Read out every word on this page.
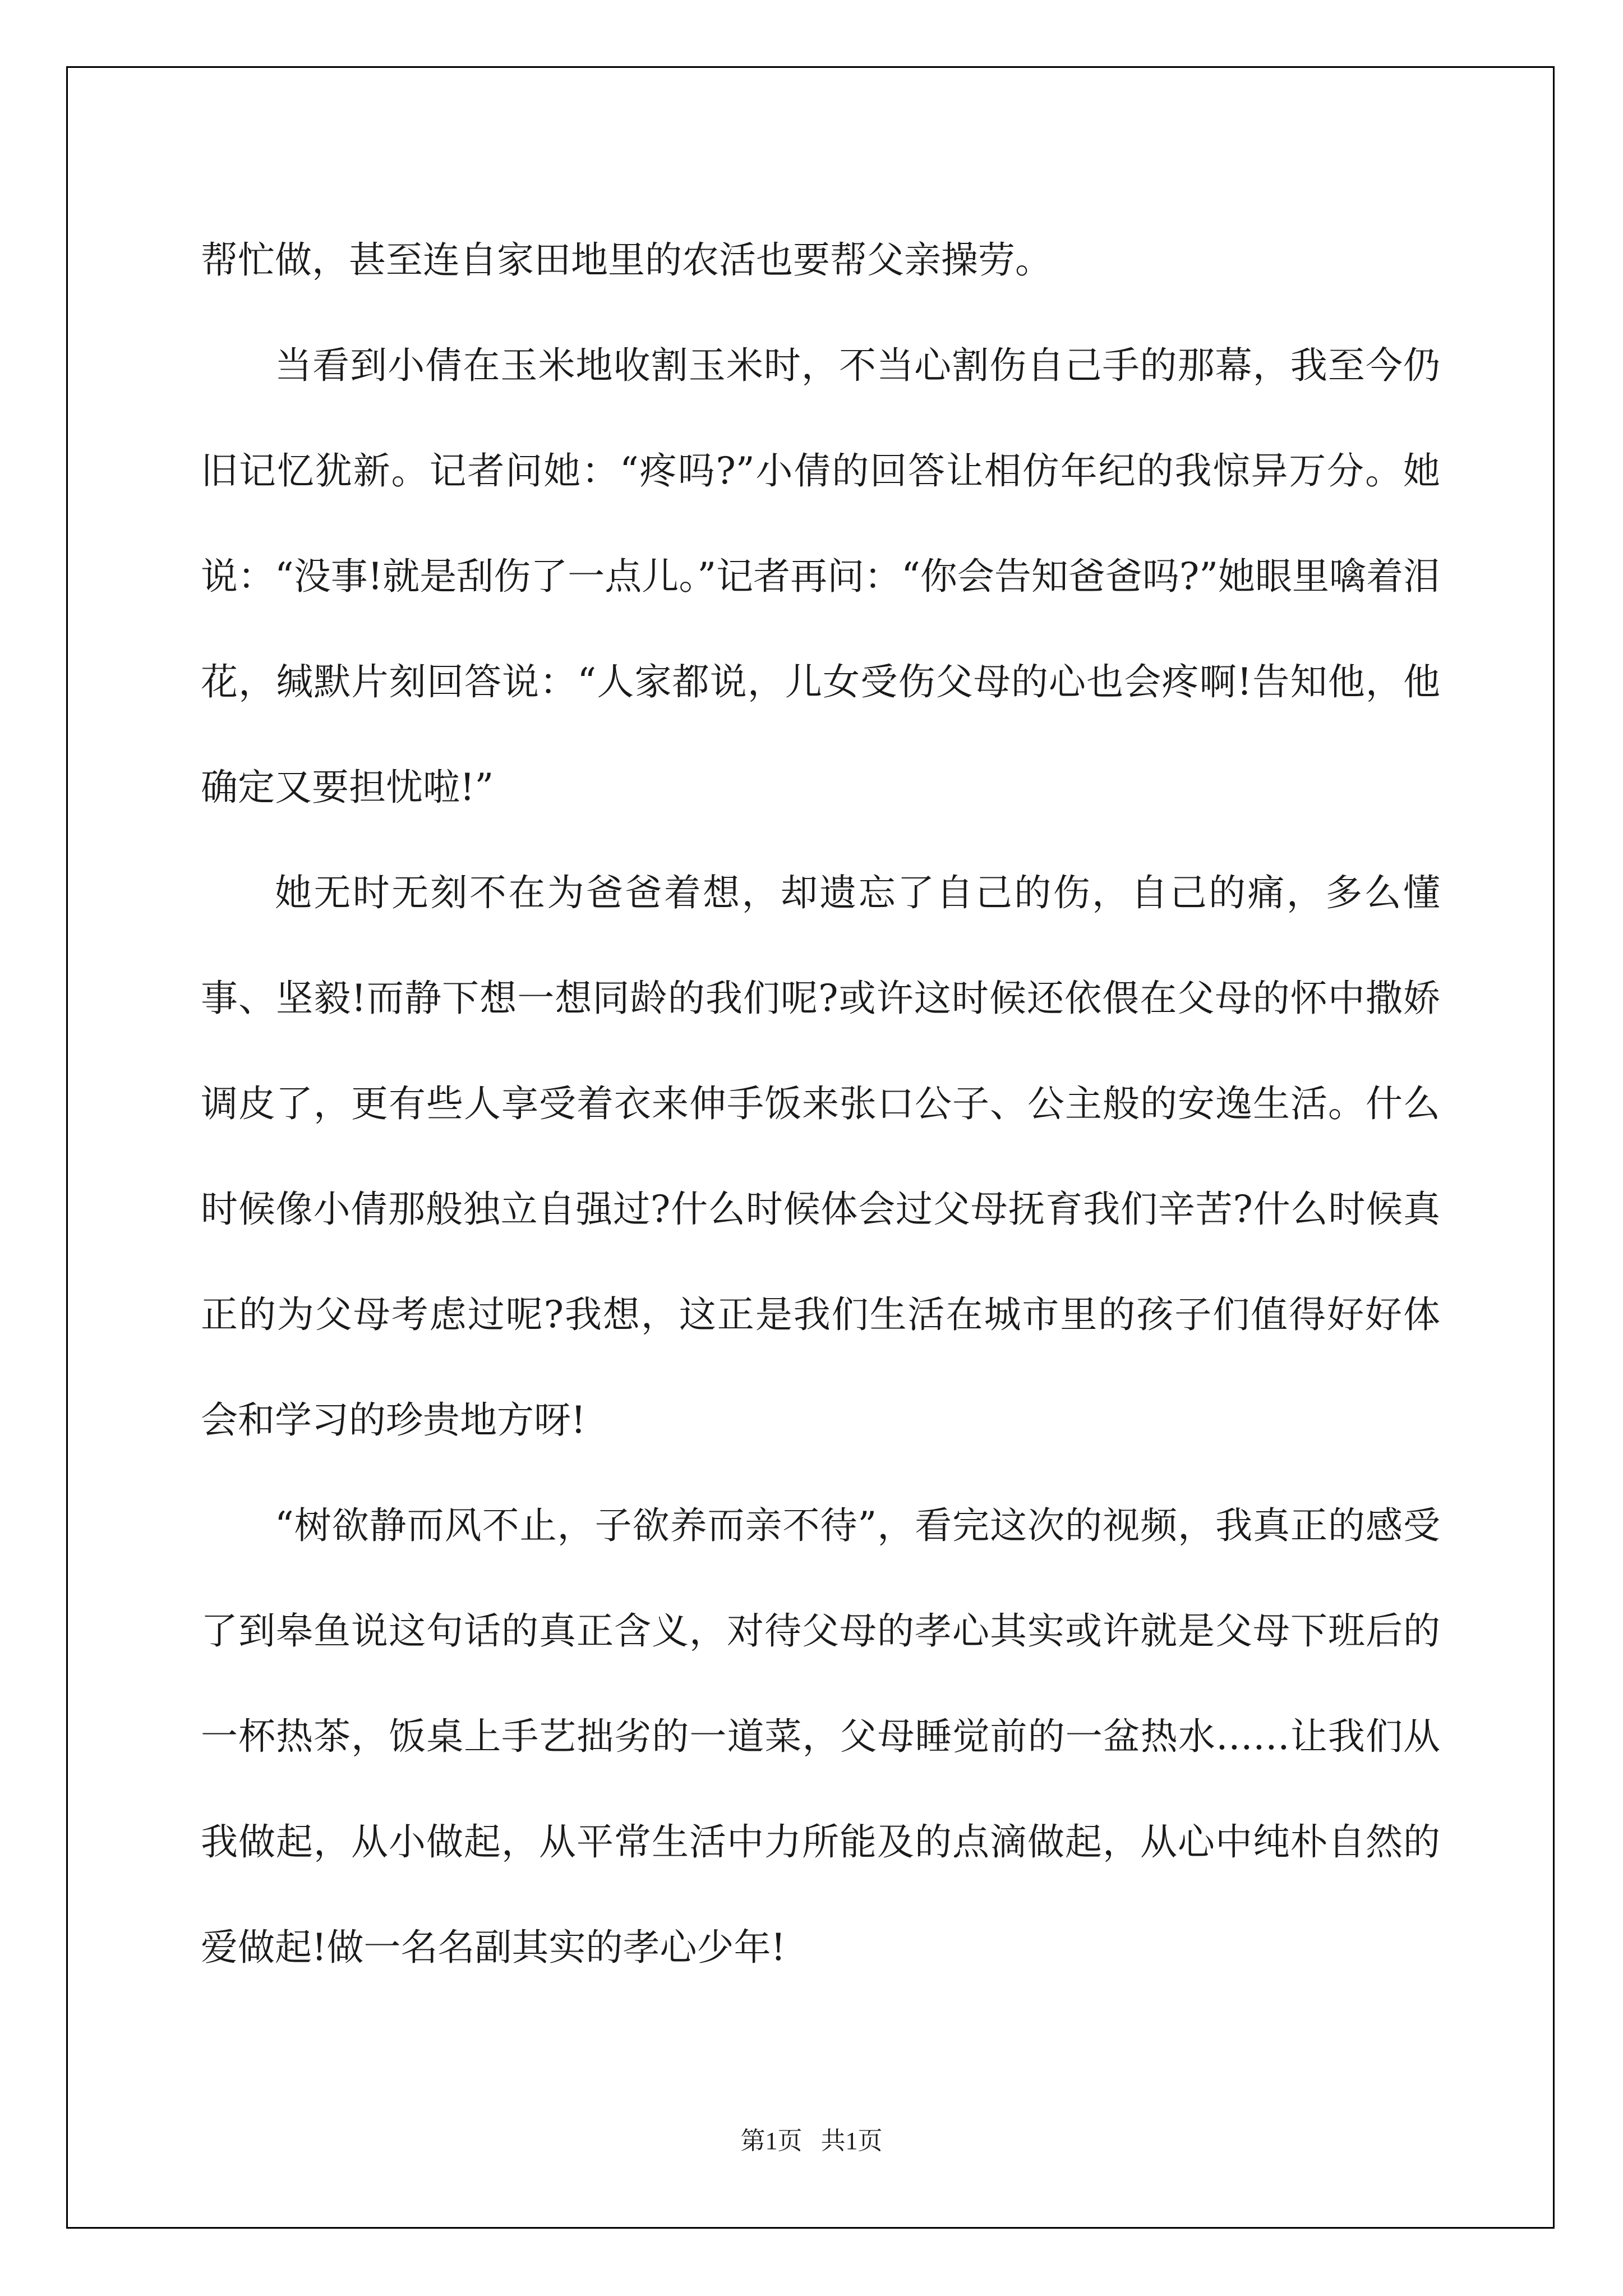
帮忙做，甚至连自家田地里的农活也要帮父亲操劳。

当看到小倩在玉米地收割玉米时，不当心割伤自己手的那幕，我至今仍旧记忆犹新。记者问她：“疼吗?”小倩的回答让相仿年纪的我惊异万分。她说：“没事!就是刮伤了一点儿。”记者再问：“你会告知爸爸吗?”她眼里噙着泪花，缄默片刻回答说：“人家都说，儿女受伤父母的心也会疼啊!告知他，他确定又要担忧啦!”

她无时无刻不在为爸爸着想，却遗忘了自己的伤，自己的痛，多么懂事、坚毅!而静下想一想同龄的我们呢?或许这时候还依偎在父母的怀中撒娇调皮了，更有些人享受着衣来伸手饭来张口公子、公主般的安逸生活。什么时候像小倩那般独立自强过?什么时候体会过父母抚育我们辛苦?什么时候真正的为父母考虑过呢?我想，这正是我们生活在城市里的孩子们值得好好体会和学习的珍贵地方呀!

“树欲静而风不止，子欲养而亲不待”，看完这次的视频，我真正的感受了到皋鱼说这句话的真正含义，对待父母的孝心其实或许就是父母下班后的一杯热茶，饭桌上手艺拙劣的一道菜，父母睡觉前的一盆热水……让我们从我做起，从小做起，从平常生活中力所能及的点滴做起，从心中纯朴自然的爱做起!做一名名副其实的孝心少年!

第1页   共1页
